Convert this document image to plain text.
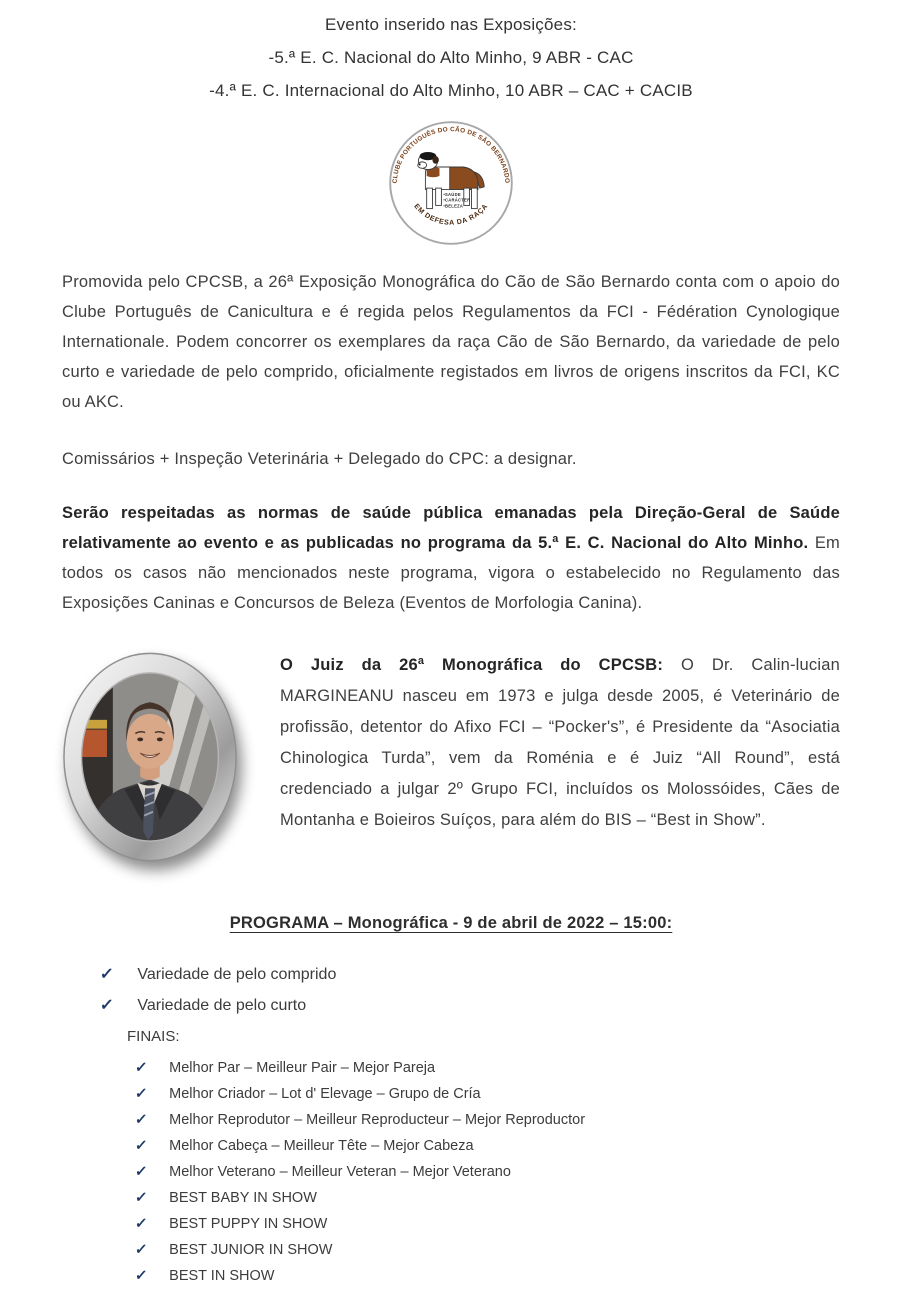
Evento inserido nas Exposições:

-5.ª E. C. Nacional do Alto Minho, 9 ABR - CAC

-4.ª E. C. Internacional do Alto Minho, 10 ABR – CAC + CACIB

CLUBE PORTUGUÊS DO CÃO DE SÃO BERNARDO
EM DEFESA DA RAÇA
•SAÚDE
•CARÁCTER
•BELEZA

Promovida pelo CPCSB, a 26ª Exposição Monográfica do Cão de São Bernardo conta com o apoio do Clube Português de Canicultura e é regida pelos Regulamentos da FCI - Fédération Cynologique Internationale. Podem concorrer os exemplares da raça Cão de São Bernardo, da variedade de pelo curto e variedade de pelo comprido, oficialmente registados em livros de origens inscritos da FCI, KC ou AKC.

Comissários + Inspeção Veterinária + Delegado do CPC: a designar.

Serão respeitadas as normas de saúde pública emanadas pela Direção-Geral de Saúde relativamente ao evento e as publicadas no programa da 5.ª E. C. Nacional do Alto Minho. Em todos os casos não mencionados neste programa, vigora o estabelecido no Regulamento das Exposições Caninas e Concursos de Beleza (Eventos de Morfologia Canina).

O Juiz da 26ª Monográfica do CPCSB: O Dr. Calin-lucian MARGINEANU nasceu em 1973 e julga desde 2005, é Veterinário de profissão, detentor do Afixo FCI – “Pocker's”, é Presidente da “Asociatia Chinologica Turda”, vem da Roménia e é Juiz “All Round”, está credenciado a julgar 2º Grupo FCI, incluídos os Molossóides, Cães de Montanha e Boieiros Suíços, para além do BIS – “Best in Show”.

PROGRAMA – Monográfica - 9 de abril de 2022 – 15:00:
✓ Variedade de pelo comprido
✓ Variedade de pelo curto
FINAIS:
✓ Melhor Par – Meilleur Pair – Mejor Pareja
✓ Melhor Criador – Lot d' Elevage – Grupo de Cría
✓ Melhor Reprodutor – Meilleur Reproducteur – Mejor Reproductor
✓ Melhor Cabeça – Meilleur Tête – Mejor Cabeza
✓ Melhor Veterano – Meilleur Veteran – Mejor Veterano
✓ BEST BABY IN SHOW
✓ BEST PUPPY IN SHOW
✓ BEST JUNIOR IN SHOW
✓ BEST IN SHOW
